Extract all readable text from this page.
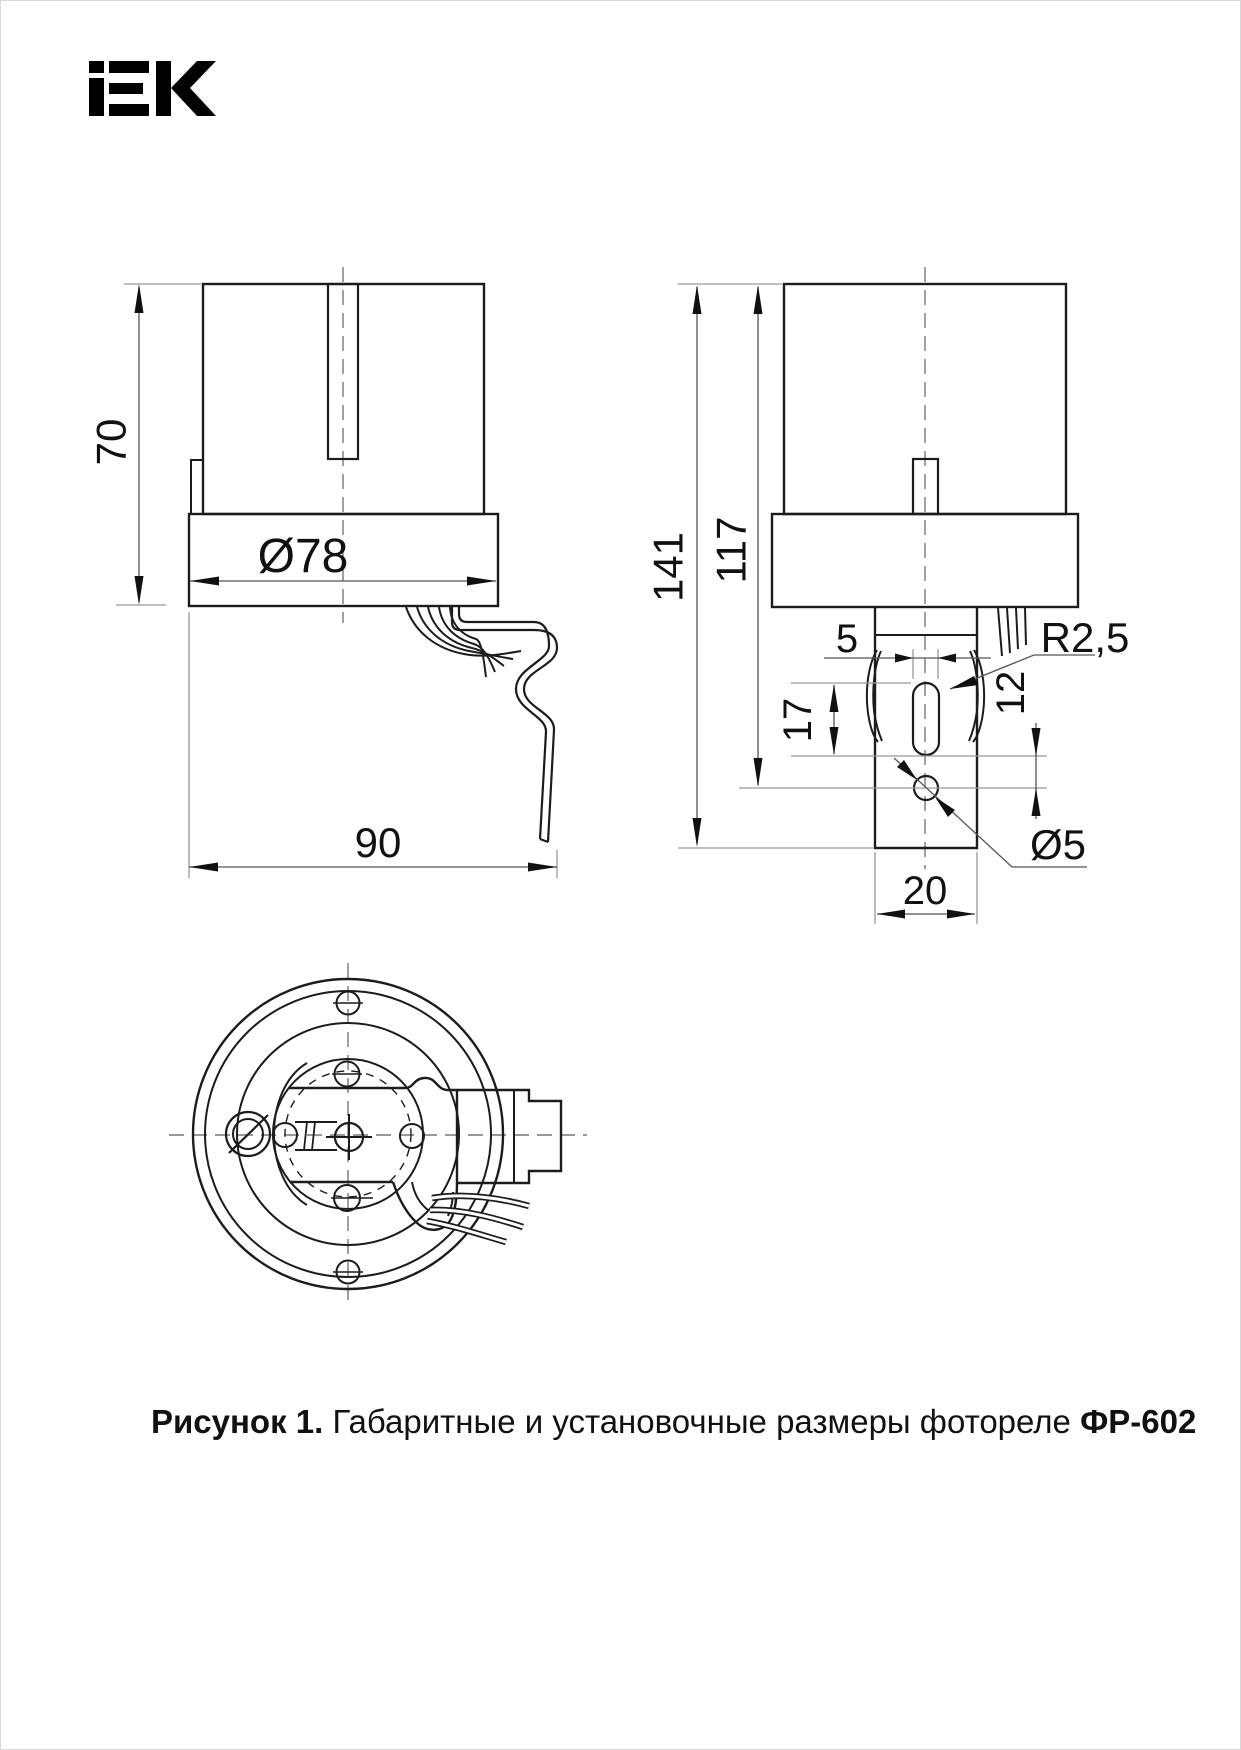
70
Ø78
90
141 117
5	R2,5
17
12
Ø5
20
Рисунок 1. Габаритные и установочные размеры фотореле ФР-602
